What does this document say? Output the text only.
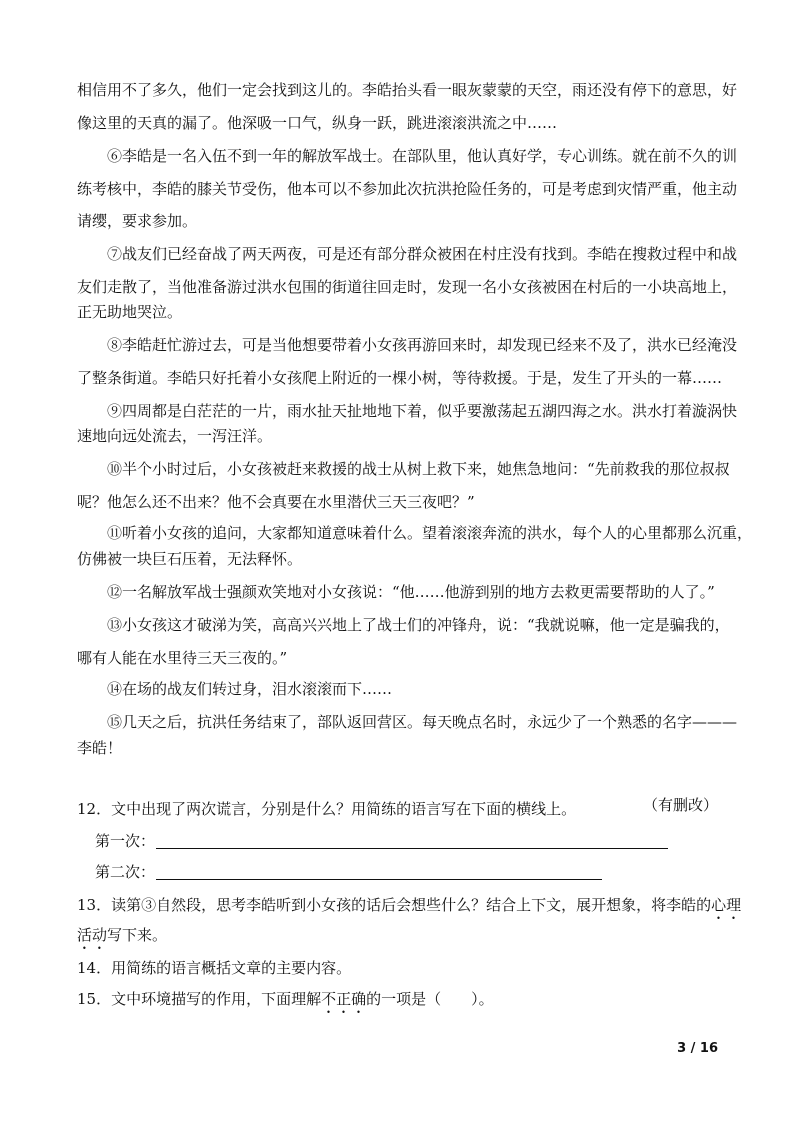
相信用不了多久，他们一定会找到这儿的。李皓抬头看一眼灰蒙蒙的天空，雨还没有停下的意思，好
像这里的天真的漏了。他深吸一口气，纵身一跃，跳进滚滚洪流之中……
⑥李皓是一名入伍不到一年的解放军战士。在部队里，他认真好学，专心训练。就在前不久的训
练考核中，李皓的膝关节受伤，他本可以不参加此次抗洪抢险任务的，可是考虑到灾情严重，他主动
请缨，要求参加。
⑦战友们已经奋战了两天两夜，可是还有部分群众被困在村庄没有找到。李皓在搜救过程中和战
友们走散了，当他准备游过洪水包围的街道往回走时，发现一名小女孩被困在村后的一小块高地上，
正无助地哭泣。
⑧李皓赶忙游过去，可是当他想要带着小女孩再游回来时，却发现已经来不及了，洪水已经淹没
了整条街道。李皓只好托着小女孩爬上附近的一棵小树，等待救援。于是，发生了开头的一幕……
⑨四周都是白茫茫的一片，雨水扯天扯地地下着，似乎要激荡起五湖四海之水。洪水打着漩涡快
速地向远处流去，一泻汪洋。
⑩半个小时过后，小女孩被赶来救援的战士从树上救下来，她焦急地问：“先前救我的那位叔叔
呢？他怎么还不出来？他不会真要在水里潜伏三天三夜吧？”
⑪听着小女孩的追问，大家都知道意味着什么。望着滚滚奔流的洪水，每个人的心里都那么沉重，
仿佛被一块巨石压着，无法释怀。
⑫一名解放军战士强颜欢笑地对小女孩说：“他……他游到别的地方去救更需要帮助的人了。”
⑬小女孩这才破涕为笑，高高兴兴地上了战士们的冲锋舟，说：“我就说嘛，他一定是骗我的，
哪有人能在水里待三天三夜的。”
⑭在场的战友们转过身，泪水滚滚而下……
⑮几天之后，抗洪任务结束了，部队返回营区。每天晚点名时，永远少了一个熟悉的名字———
李皓！
（有删改）
12．文中出现了两次谎言，分别是什么？用简练的语言写在下面的横线上。
第一次：
第二次：
13．读第③自然段，思考李皓听到小女孩的话后会想些什么？结合上下文，展开想象，将李皓的心理
活动写下来。
14．用简练的语言概括文章的主要内容。
15．文中环境描写的作用，下面理解不正确的一项是（　　）。
3 / 16
